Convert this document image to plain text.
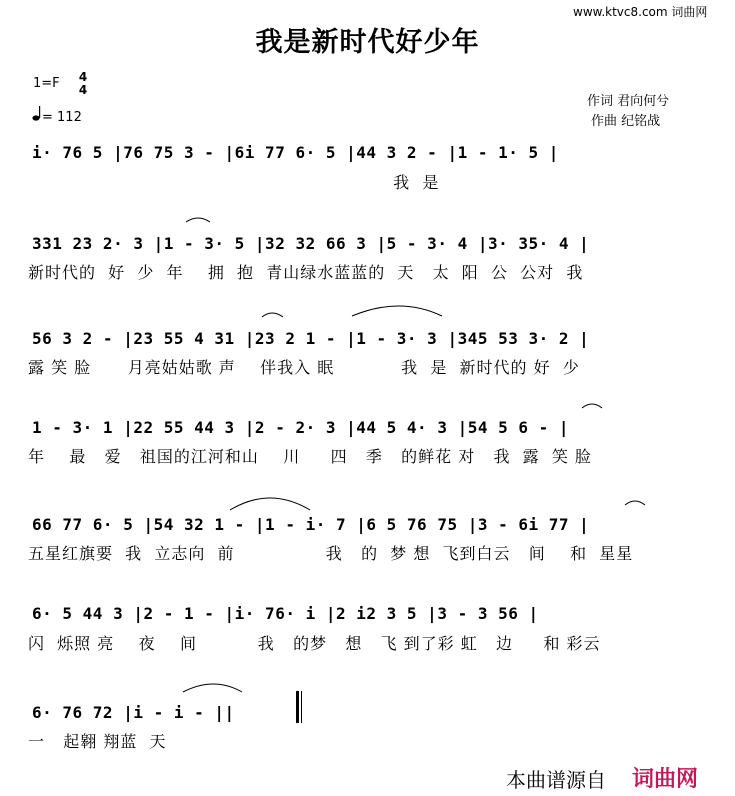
www.ktvc8.com 词曲网
我是新时代好少年
1=F 4
4
= 112
作词 君向何兮
作曲 纪铭战
i· 76 5 |76 75 3 - |6i 77 6· 5 |44 3 2 - |1 - 1· 5 |
我  是
331 23 2· 3 |1 - 3· 5 |32 32 66 3 |5 - 3· 4 |3· 35· 4 |
新时代的  好  少  年    拥  抱  青山绿水蓝蓝的  天   太  阳  公  公对  我
56 3 2 - |23 55 4 31 |23 2 1 - |1 - 3· 3 |345 53 3· 2 |
露 笑 脸      月亮姑姑歌 声    伴我入 眠           我  是  新时代的 好  少
1 - 3· 1 |22 55 44 3 |2 - 2· 3 |44 5 4· 3 |54 5 6 - |
年    最   爱   祖国的江河和山    川     四   季   的鲜花 对   我  露  笑 脸
66 77 6· 5 |54 32 1 - |1 - i· 7 |6 5 76 75 |3 - 6i 77 |
五星红旗要  我  立志向  前               我   的  梦 想  飞到白云   间    和  星星
6· 5 44 3 |2 - 1 - |i· 76· i |2 i2 3 5 |3 - 3 56 |
闪  烁照 亮    夜    间          我   的梦   想   飞 到了彩 虹   边     和 彩云
6· 76 72 |i - i - ||
一   起翱 翔蓝  天
本曲谱源自 词曲网
